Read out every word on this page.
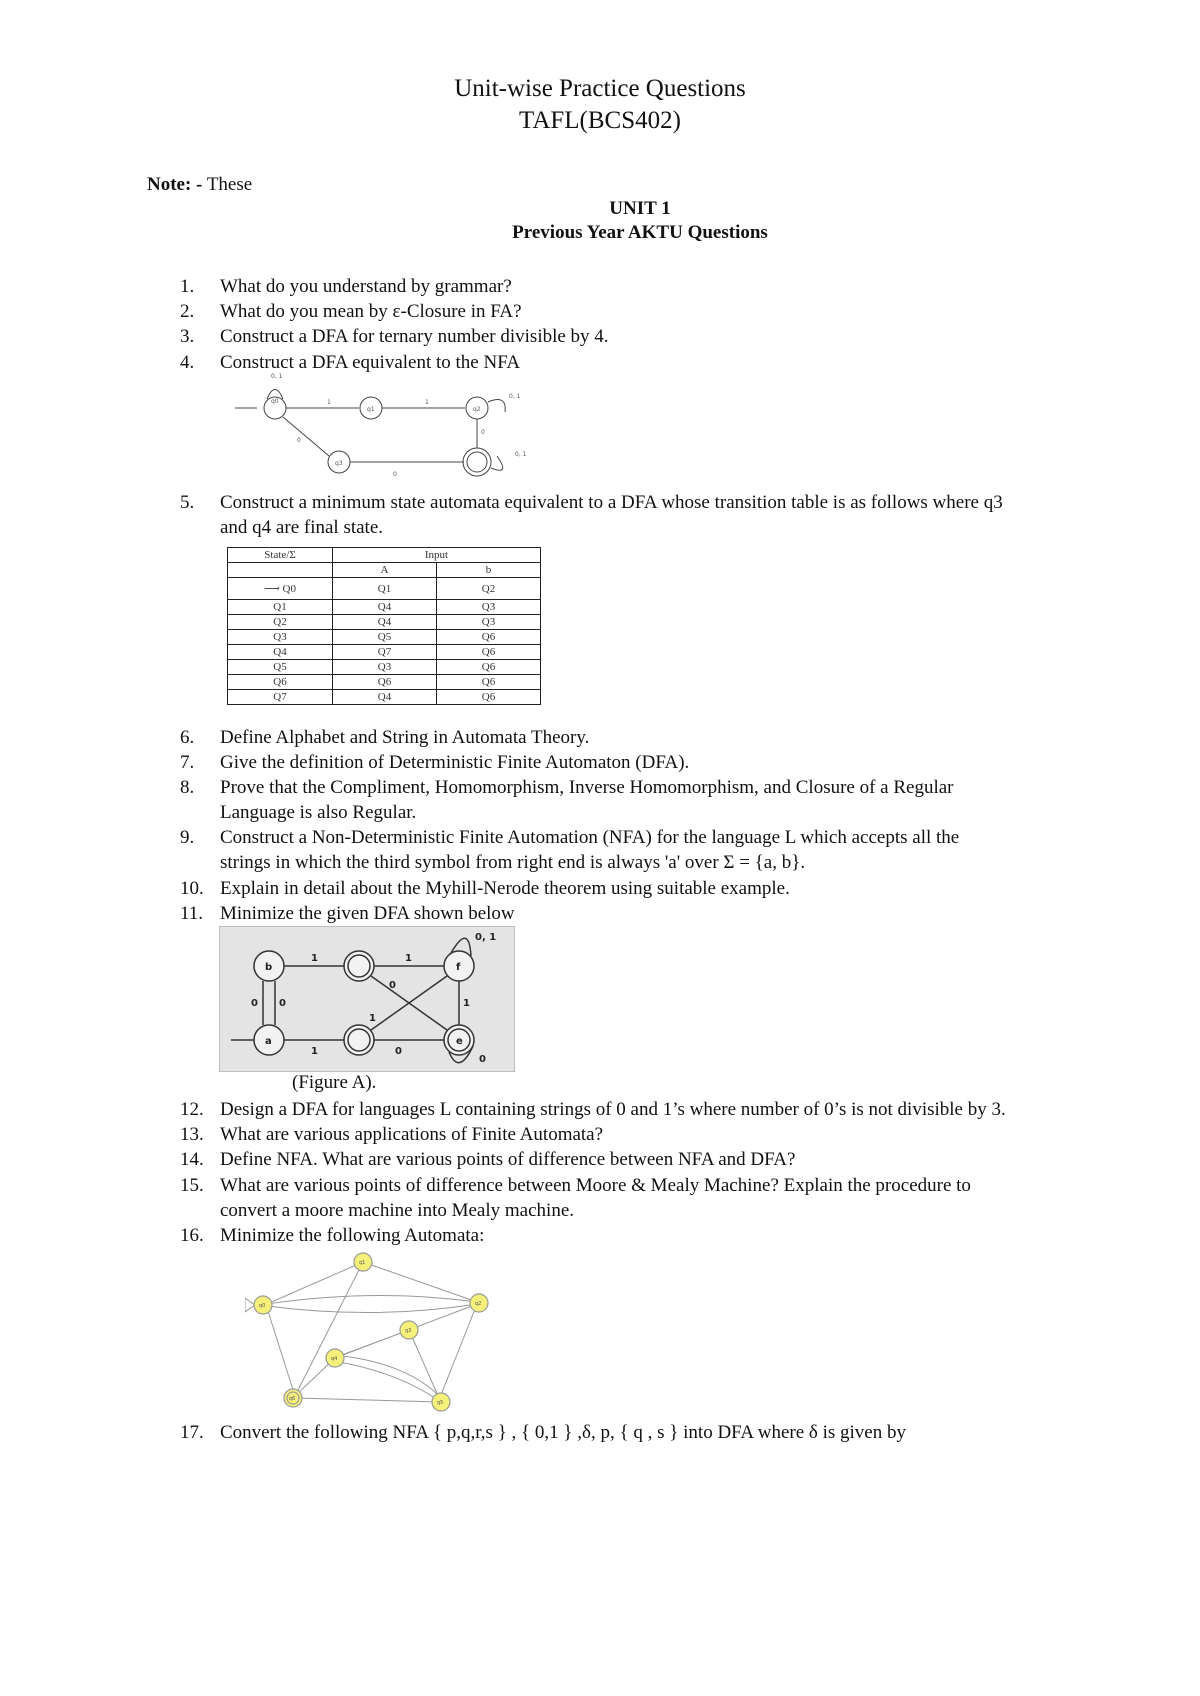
Unit-wise Practice Questions
TAFL(BCS402)
Note: - These
UNIT 1
Previous Year AKTU Questions
1.	What do you understand by grammar?
2.	What do you mean by ε-Closure in FA?
3.	Construct a DFA for ternary number divisible by 4.
4.	Construct a DFA equivalent to the NFA
q0
q1	q2
q3
0, 1
1	1
0
0, 1
0
0, 1
0
5.	Construct a minimum state automata equivalent to a DFA whose transition table is as follows where q3
and q4 are final state.
State/Σ	Input	
	A	b
⟶ Q0	Q1	Q2
Q1	Q4	Q3
Q2	Q4	Q3
Q3	Q5	Q6
Q4	Q7	Q6
Q5	Q3	Q6
Q6	Q6	Q6
Q7	Q4	Q6
6.	Define Alphabet and String in Automata Theory.
7.	Give the definition of Deterministic Finite Automaton (DFA).
8.	Prove that the Compliment, Homomorphism, Inverse Homomorphism, and Closure of a Regular
Language is also Regular.
9.	Construct a Non-Deterministic Finite Automation (NFA) for the language L which accepts all the
strings in which the third symbol from right end is always 'a' over Σ = {a, b}.
10. Explain in detail about the Myhill-Nerode theorem using suitable example.
11. Minimize the given DFA shown below
b
a
f
e
1	1
0 0
1
1
0
0
1
0, 1
0
(Figure A).
12. Design a DFA for languages L containing strings of 0 and 1’s where number of 0’s is not divisible by 3.
13. What are various applications of Finite Automata?
14. Define NFA. What are various points of difference between NFA and DFA?
15. What are various points of difference between Moore & Mealy Machine? Explain the procedure to
convert a moore machine into Mealy machine.
16. Minimize the following Automata:
q0
q1
q2
q3
q4
q5
q6
17. Convert the following NFA { p,q,r,s } , { 0,1 } ,δ, p, { q , s } into DFA where δ is given by
